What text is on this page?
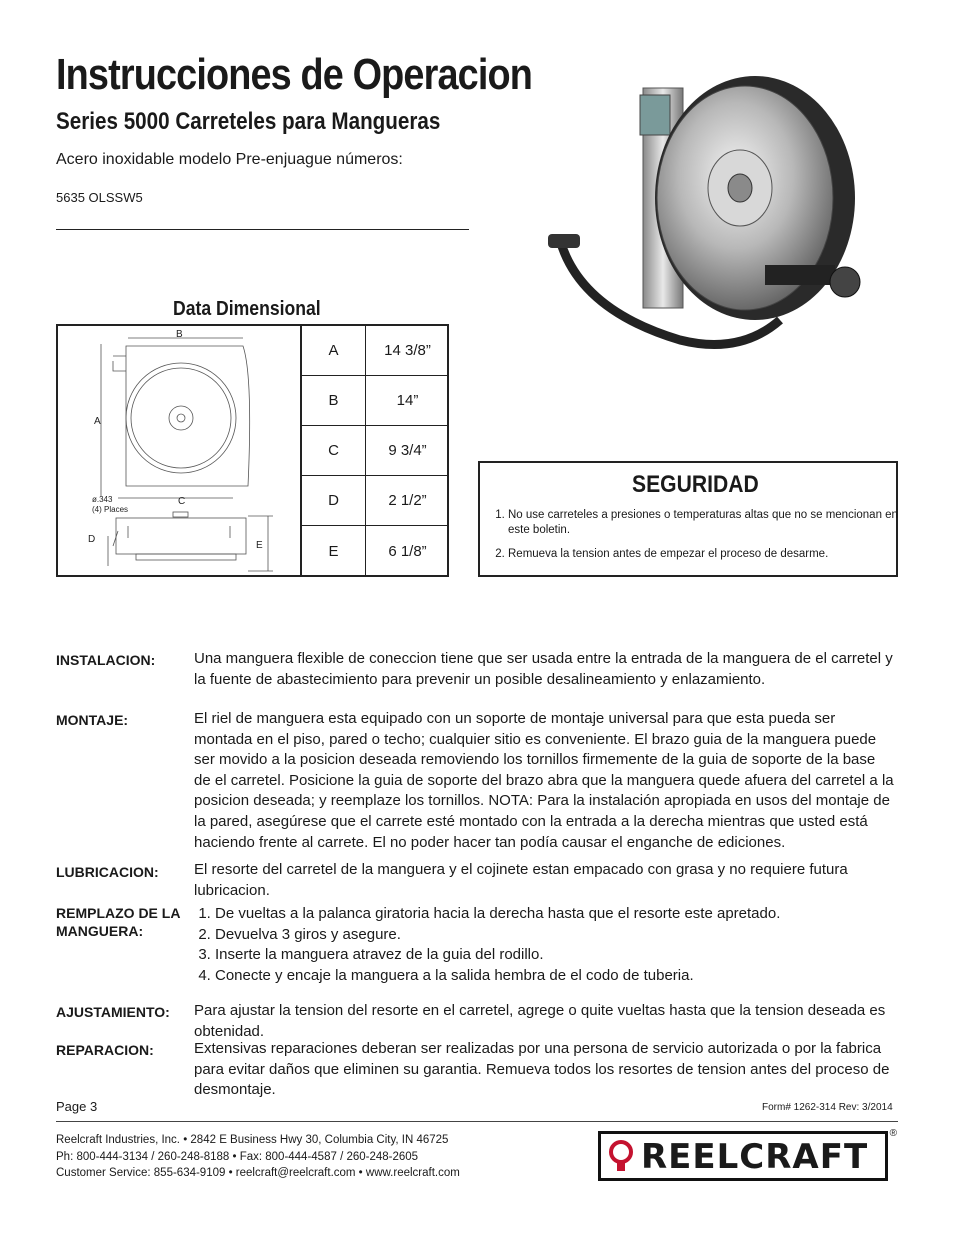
Instrucciones de Operacion
Series 5000 Carreteles para Mangueras
Acero inoxidable modelo Pre-enjuague números:
5635 OLSSW5
Data Dimensional
B
A
C
D
E
ø.343
(4) Places
A	14 3/8”
B	14”
C	9 3/4”
D	2 1/2”
E	6 1/8”
SEGURIDAD
1. No use carreteles a presiones o temperaturas altas que no se mencionan en este boletin.
2. Remueva la tension antes de empezar el proceso de desarme.
INSTALACION:	Una manguera flexible de coneccion tiene que ser usada entre la entrada de la manguera de el carretel y la fuente de abastecimiento para prevenir un posible desalineamiento y enlazamiento.
MONTAJE:	El riel de manguera esta equipado con un soporte de montaje universal para que esta pueda ser montada en el piso, pared o techo; cualquier sitio es conveniente. El brazo guia de la manguera puede ser movido a la posicion deseada removiendo los tornillos firmemente de la guia de soporte de la base de el carretel. Posicione la guia de soporte del brazo abra que la manguera quede afuera del carretel a la posicion deseada; y reemplaze los tornillos. NOTA: Para la instalación apropiada en usos del montaje de la pared, asegúrese que el carrete esté montado con la entrada a la derecha mientras que usted está haciendo frente al carrete. El no poder hacer tan podía causar el enganche de ediciones.
LUBRICACION: El resorte del carretel de la manguera y el cojinete estan empacado con grasa y no requiere futura lubricacion.
REMPLAZO DE LA MANGUERA:
1. De vueltas a la palanca giratoria hacia la derecha hasta que el resorte este apretado.
2. Devuelva 3 giros y asegure.
3. Inserte la manguera atravez de la guia del rodillo.
4. Conecte y encaje la manguera a la salida hembra de el codo de tuberia.
AJUSTAMIENTO: Para ajustar la tension del resorte en el carretel, agrege o quite vueltas hasta que la tension deseada es obtenidad.
REPARACION:	Extensivas reparaciones deberan ser realizadas por una persona de servicio autorizada o por la fabrica para evitar daños que eliminen su garantia. Remueva todos los resortes de tension antes del proceso de desmontaje.
Page 3	Form# 1262-314 Rev: 3/2014
Reelcraft Industries, Inc. • 2842 E Business Hwy 30, Columbia City, IN 46725
Ph: 800-444-3134 / 260-248-8188 • Fax: 800-444-4587 / 260-248-2605
Customer Service: 855-634-9109 • reelcraft@reelcraft.com • www.reelcraft.com	REELCRAFT
®
